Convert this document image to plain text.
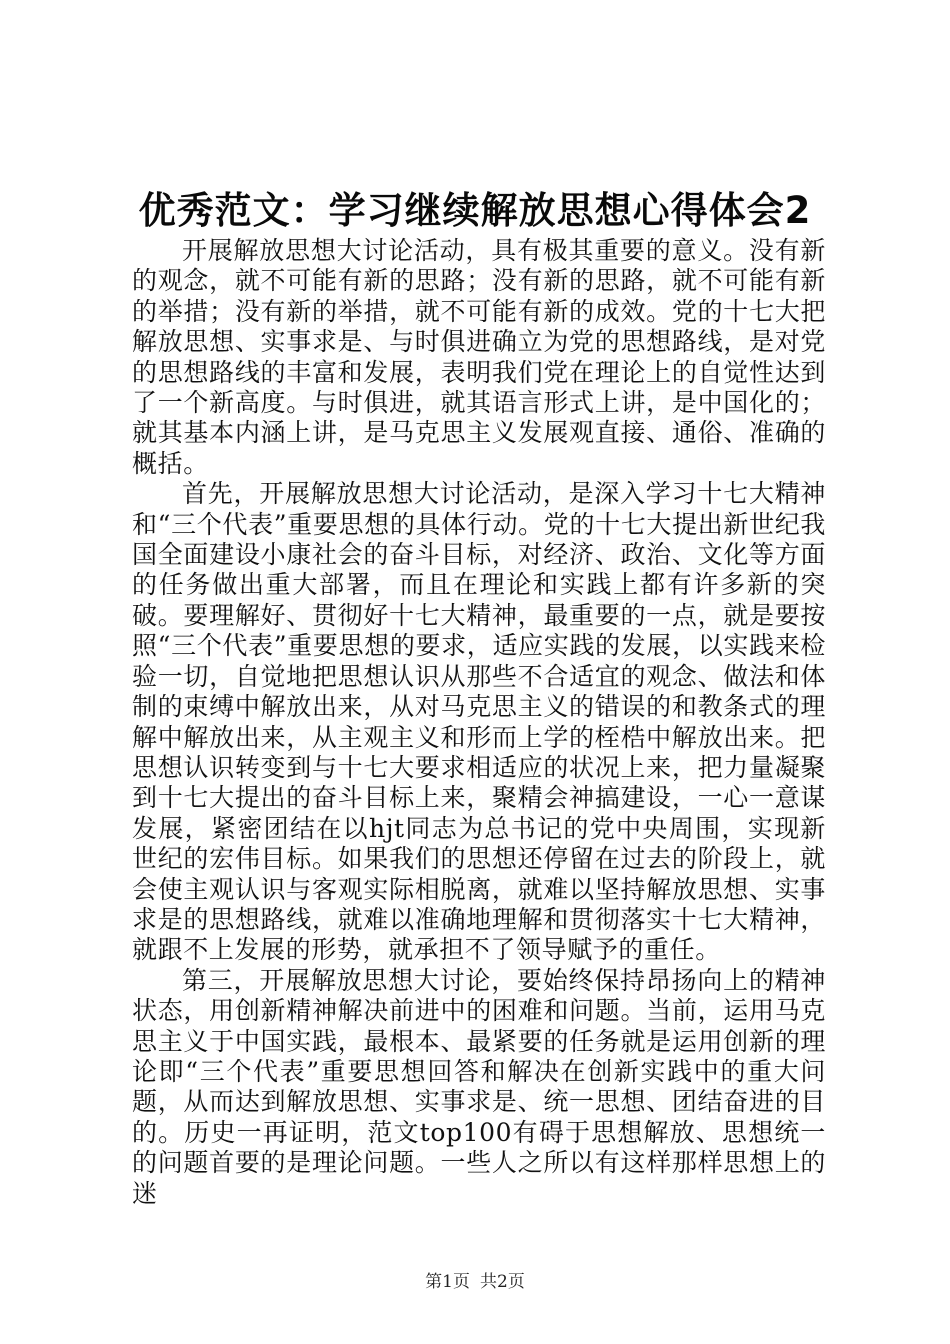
优秀范文：学习继续解放思想心得体会2

开展解放思想大讨论活动，具有极其重要的意义。没有新的观念，就不可能有新的思路；没有新的思路，就不可能有新的举措；没有新的举措，就不可能有新的成效。党的十七大把解放思想、实事求是、与时俱进确立为党的思想路线，是对党的思想路线的丰富和发展，表明我们党在理论上的自觉性达到了一个新高度。与时俱进，就其语言形式上讲，是中国化的；就其基本内涵上讲，是马克思主义发展观直接、通俗、准确的概括。

首先，开展解放思想大讨论活动，是深入学习十七大精神和“三个代表”重要思想的具体行动。党的十七大提出新世纪我国全面建设小康社会的奋斗目标，对经济、政治、文化等方面的任务做出重大部署，而且在理论和实践上都有许多新的突破。要理解好、贯彻好十七大精神，最重要的一点，就是要按照“三个代表”重要思想的要求，适应实践的发展，以实践来检验一切，自觉地把思想认识从那些不合适宜的观念、做法和体制的束缚中解放出来，从对马克思主义的错误的和教条式的理解中解放出来，从主观主义和形而上学的桎梏中解放出来。把思想认识转变到与十七大要求相适应的状况上来，把力量凝聚到十七大提出的奋斗目标上来，聚精会神搞建设，一心一意谋发展，紧密团结在以hjt同志为总书记的党中央周围，实现新世纪的宏伟目标。如果我们的思想还停留在过去的阶段上，就会使主观认识与客观实际相脱离，就难以坚持解放思想、实事求是的思想路线，就难以准确地理解和贯彻落实十七大精神，就跟不上发展的形势，就承担不了领导赋予的重任。

第三，开展解放思想大讨论，要始终保持昂扬向上的精神状态，用创新精神解决前进中的困难和问题。当前，运用马克思主义于中国实践，最根本、最紧要的任务就是运用创新的理论即“三个代表”重要思想回答和解决在创新实践中的重大问题，从而达到解放思想、实事求是、统一思想、团结奋进的目的。历史一再证明，范文top100有碍于思想解放、思想统一的问题首要的是理论问题。一些人之所以有这样那样思想上的迷

第1页 共2页
